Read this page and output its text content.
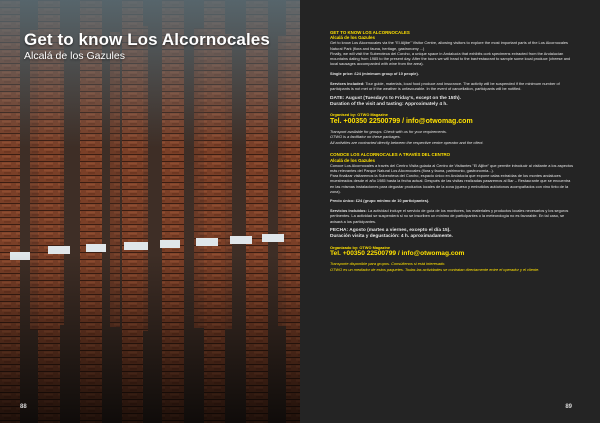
Get to know Los Alcornocales
Alcalá de los Gazules
88

GET TO KNOW LOS ALCORNOCALES

Alcalá de los Gazules

Get to know Los Alcornocales via the "El Aljibe" Visitor Centre, allowing visitors to explore the most important parts of the Los Alcornocales Natural Park (flora and fauna, heritage, gastronomy ...)

Finally, we will visit the Suberoteca del Corcho, a unique space in Andalucía that exhibits cork specimens extracted from the Andalucían mountains dating from 1985 to the present day. After the tours we will head to the bar/restaurant to sample some local produce (cheese and local sausages accompanied with wine from the area).

Single price: £24 (minimum group of 10 people).

Services included: Tour guide, materials, local food produce and insurance. The activity will be suspended if the minimum number of participants is not met or if the weather is unfavourable. In the event of cancellation, participants will be notified.

DATE: August (Tuesday's to Friday's, except on the 15th).

Duration of the visit and tasting: Approximately 4 h.

Organised by: OTWO Magazine

Tel. +00350 22500799 / info@otwomag.com

Transport available for groups. Check with us for your requirements.

OTWO is a facilitator on these packages.

All activities are contracted directly between the respective centre operator and the client.

CONOCE LOS ALCORNOCALES A TRAVÉS DEL CENTRO

Alcalá de los Gazules

Conoce Los Alcornocales a través del Centro Visita guiada al Centro de Visitantes "El Aljibe" que permite introducir al visitante a los aspectos más relevantes del Parque Natural Los Alcornocales (flora y fauna, patrimonio, gastronomía...).

Para finalizar visitaremos la Suberoteca del Corcho, espacio único en Andalucía que expone calas extraídas de los montes andaluces muestreados desde el año 1985 hasta la fecha actual. Después de las visitas realizadas pasaremos al Bar – Restaurante que se encuentra en las mismas instalaciones para degustar productos locales de la zona (queso y embutidos autóctonos acompañados con vino tinto de la zona).

Precio único: £24 (grupo mínimo de 10 participantes).

Servicios incluidos: La actividad incluye el servicio de guía de los monitores, los materiales y productos locales necesarios y los seguros pertinentes. La actividad se suspenderá si no se inscriben un mínimo de participantes o la meteorología no es favorable. En tal caso, se avisará a los participantes.

FECHA: Agosto (martes a viernes, excepto el día 15).

Duración visita y degustación: 4 h. aproximadamente.

Organizado by: OTWO Magazine

Tel. +00350 22500799 / info@otwomag.com

Transporte disponible para grupos. Consúltenos si está interesado.

OTWO es un mediador de estos paquetes. Todas las actividades se contratan directamente entre el operador y el cliente.

89
